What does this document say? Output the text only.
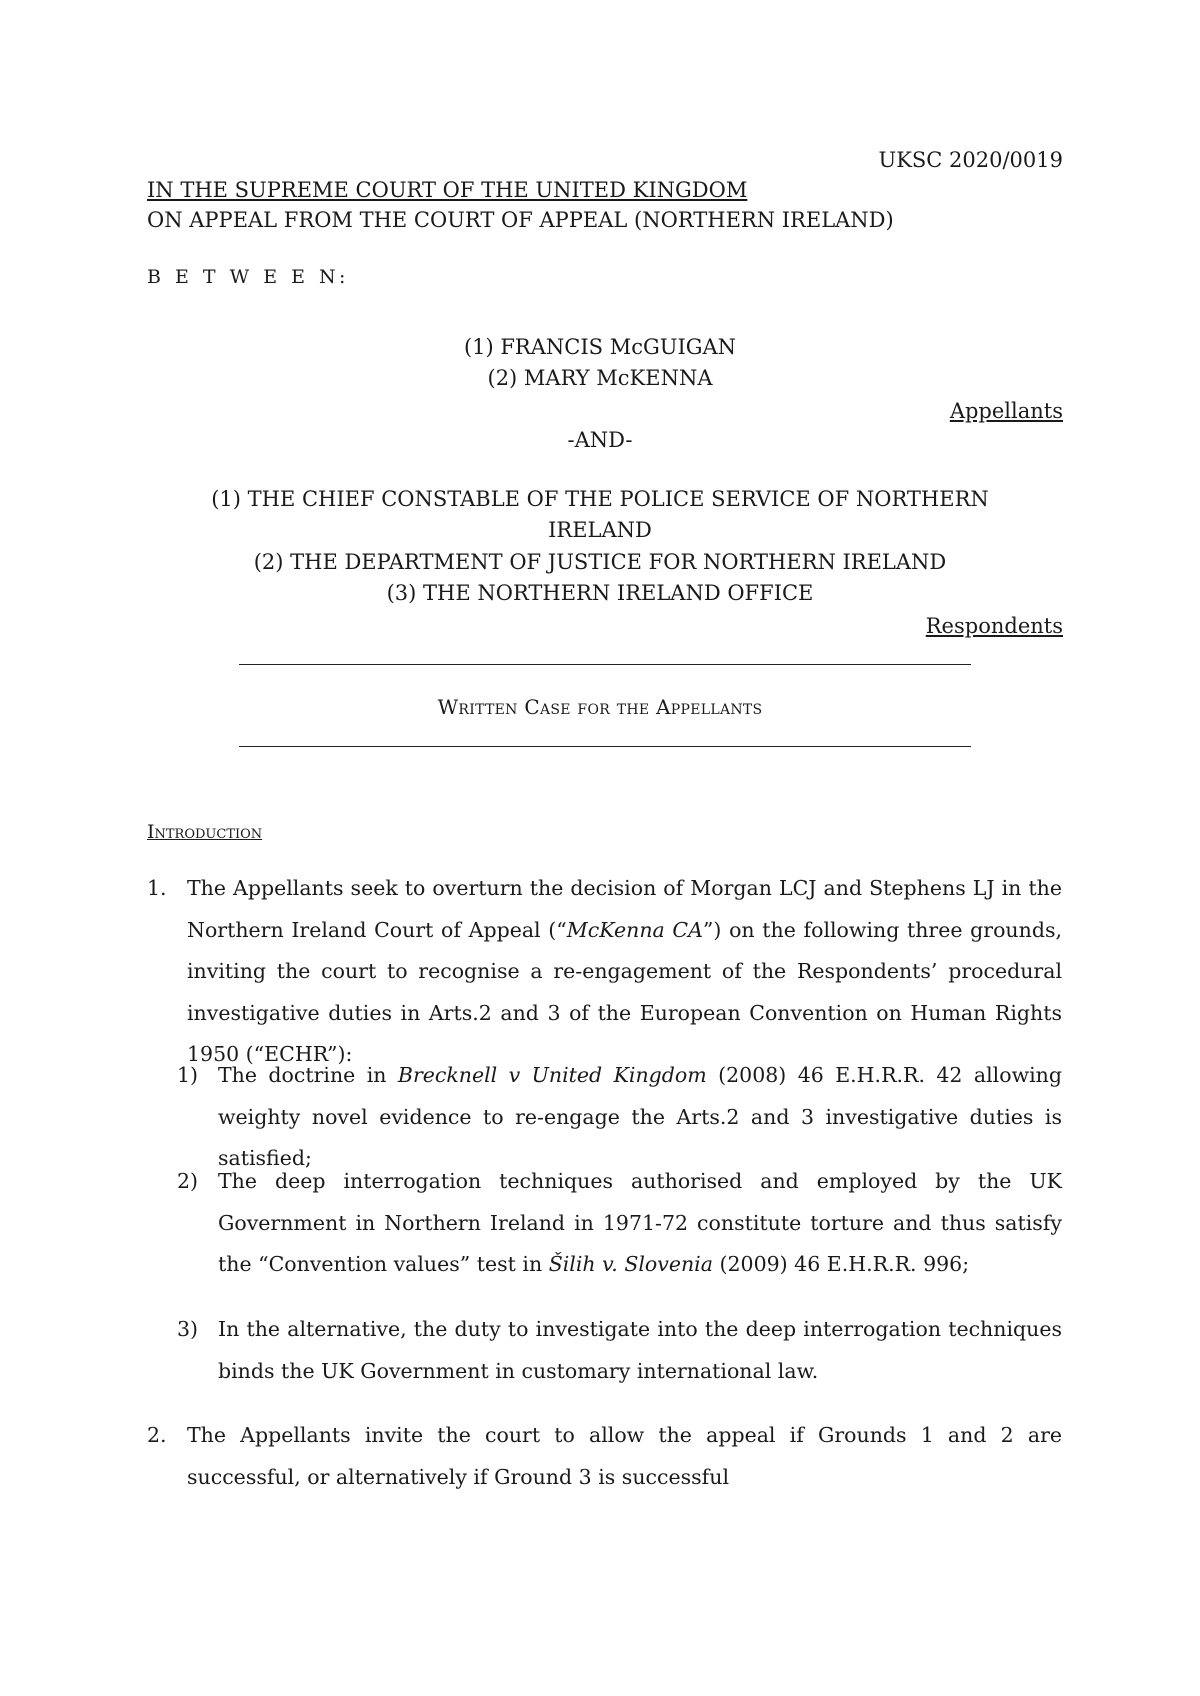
UKSC 2020/0019
IN THE SUPREME COURT OF THE UNITED KINGDOM
ON APPEAL FROM THE COURT OF APPEAL (NORTHERN IRELAND)
B E T W E E N:
(1) FRANCIS McGUIGAN
(2) MARY McKENNA
Appellants
-AND-
(1) THE CHIEF CONSTABLE OF THE POLICE SERVICE OF NORTHERN
IRELAND
(2) THE DEPARTMENT OF JUSTICE FOR NORTHERN IRELAND
(3) THE NORTHERN IRELAND OFFICE
Respondents
Written Case for the Appellants
Introduction
1. The Appellants seek to overturn the decision of Morgan LCJ and Stephens LJ in the Northern Ireland Court of Appeal (“McKenna CA”) on the following three grounds, inviting the court to recognise a re-engagement of the Respondents’ procedural investigative duties in Arts.2 and 3 of the European Convention on Human Rights 1950 (“ECHR”):
1) The doctrine in Brecknell v United Kingdom (2008) 46 E.H.R.R. 42 allowing weighty novel evidence to re-engage the Arts.2 and 3 investigative duties is satisfied;
2) The deep interrogation techniques authorised and employed by the UK Government in Northern Ireland in 1971-72 constitute torture and thus satisfy the “Convention values” test in Šilih v. Slovenia (2009) 46 E.H.R.R. 996;
3) In the alternative, the duty to investigate into the deep interrogation techniques binds the UK Government in customary international law.
2. The Appellants invite the court to allow the appeal if Grounds 1 and 2 are successful, or alternatively if Ground 3 is successful
